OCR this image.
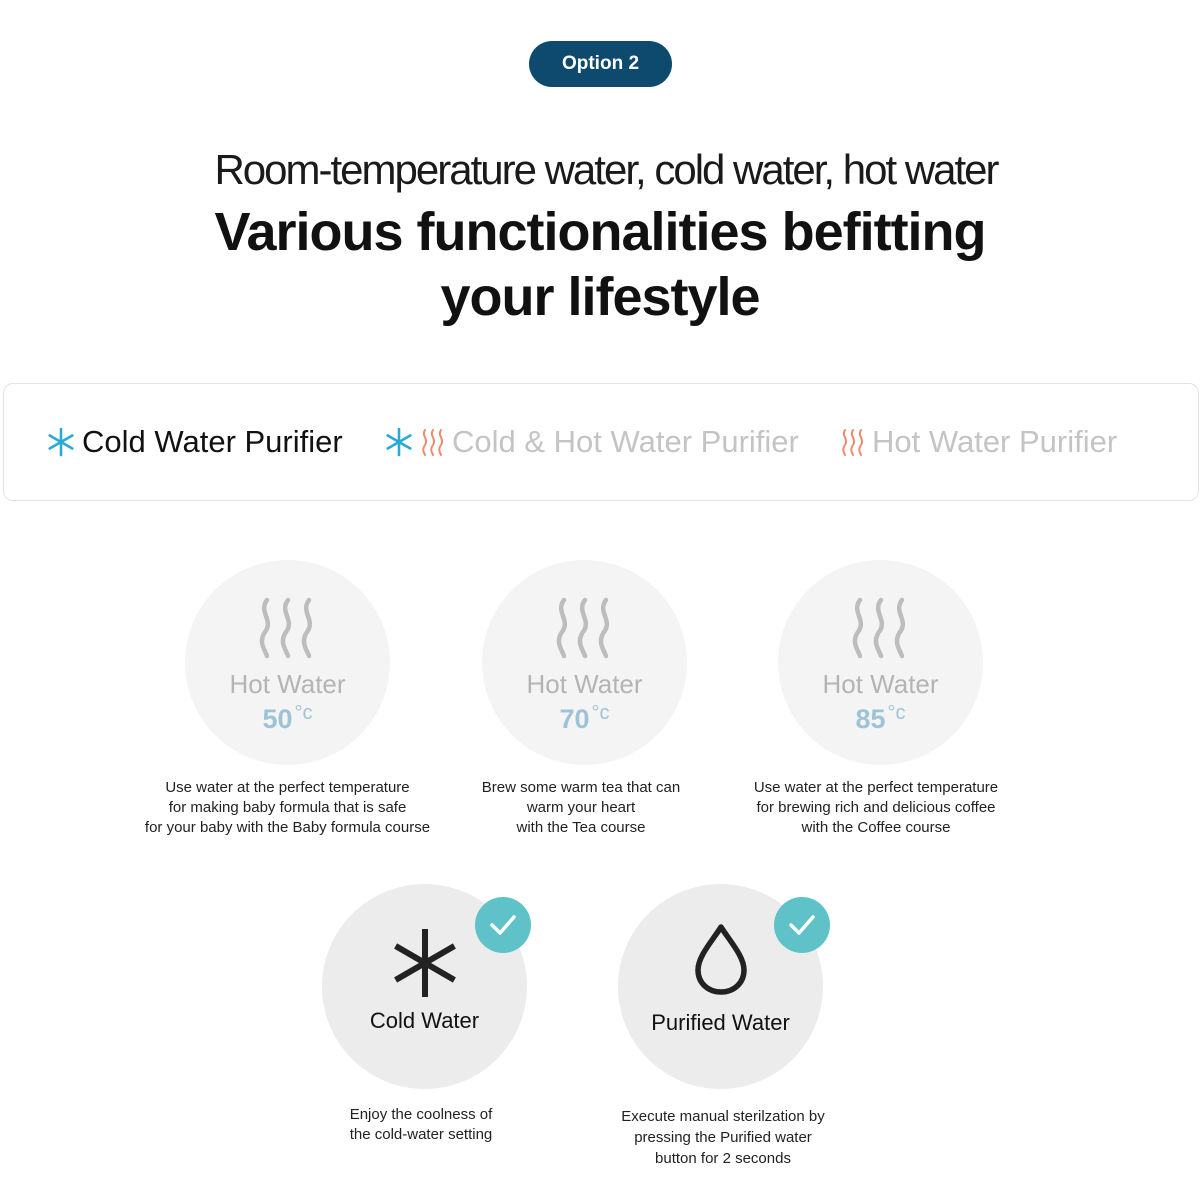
Option 2
Room-temperature water, cold water, hot water
Various functionalities befitting
your lifestyle
Cold Water Purifier	Cold & Hot Water Purifier Hot Water Purifier
Hot Water
50 $^{^\circ c}$
Use water at the perfect temperature
for making baby formula that is safe
for your baby with the Baby formula course
Hot Water
70 $^{^\circ c}$
Brew some warm tea that can
warm your heart
with the Tea course
Hot Water
85 $^{^\circ c}$
Use water at the perfect temperature
for brewing rich and delicious coffee
with the Coffee course
Cold Water
Enjoy the coolness of
the cold-water setting
Purified Water
Execute manual sterilzation by
pressing the Purified water
button for 2 seconds
